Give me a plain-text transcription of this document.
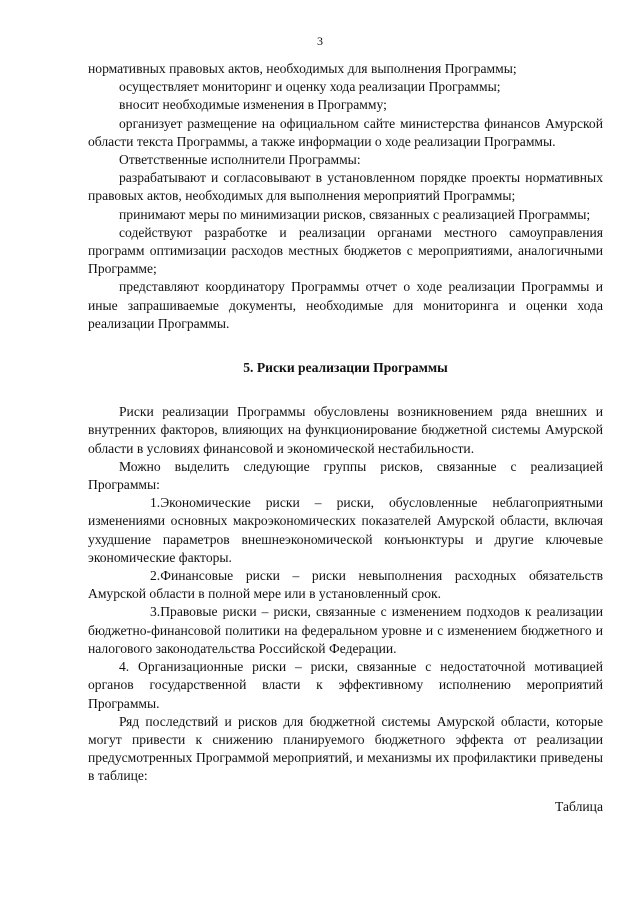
3

нормативных правовых актов, необходимых для выполнения Программы;

осуществляет мониторинг и оценку хода реализации Программы;

вносит необходимые изменения в Программу;

организует размещение на официальном сайте министерства финансов Амурской области текста Программы, а также информации о ходе реализации Программы.

Ответственные исполнители Программы:

разрабатывают и согласовывают в установленном порядке проекты нормативных правовых актов, необходимых для выполнения мероприятий Программы;

принимают меры по минимизации рисков, связанных с реализацией Программы;

содействуют разработке и реализации органами местного самоуправления программ оптимизации расходов местных бюджетов с мероприятиями, аналогичными Программе;

представляют координатору Программы отчет о ходе реализации Программы и иные запрашиваемые документы, необходимые для мониторинга и оценки хода реализации Программы.

5. Риски реализации Программы

Риски реализации Программы обусловлены возникновением ряда внешних и внутренних факторов, влияющих на функционирование бюджетной системы Амурской области в условиях финансовой и экономической нестабильности.

Можно выделить следующие группы рисков, связанные с реализацией Программы:

1.Экономические риски – риски, обусловленные неблагоприятными изменениями основных макроэкономических показателей Амурской области, включая ухудшение параметров внешнеэкономической конъюнктуры и другие ключевые экономические факторы.

2.Финансовые риски – риски невыполнения расходных обязательств Амурской области в полной мере или в установленный срок.

3.Правовые риски – риски, связанные с изменением подходов к реализации бюджетно-финансовой политики на федеральном уровне и с изменением бюджетного и налогового законодательства Российской Федерации.

4. Организационные риски – риски, связанные с недостаточной мотивацией органов государственной власти к эффективному исполнению мероприятий Программы.

Ряд последствий и рисков для бюджетной системы Амурской области, которые могут привести к снижению планируемого бюджетного эффекта от реализации предусмотренных Программой мероприятий, и механизмы их профилактики приведены в таблице:

Таблица
